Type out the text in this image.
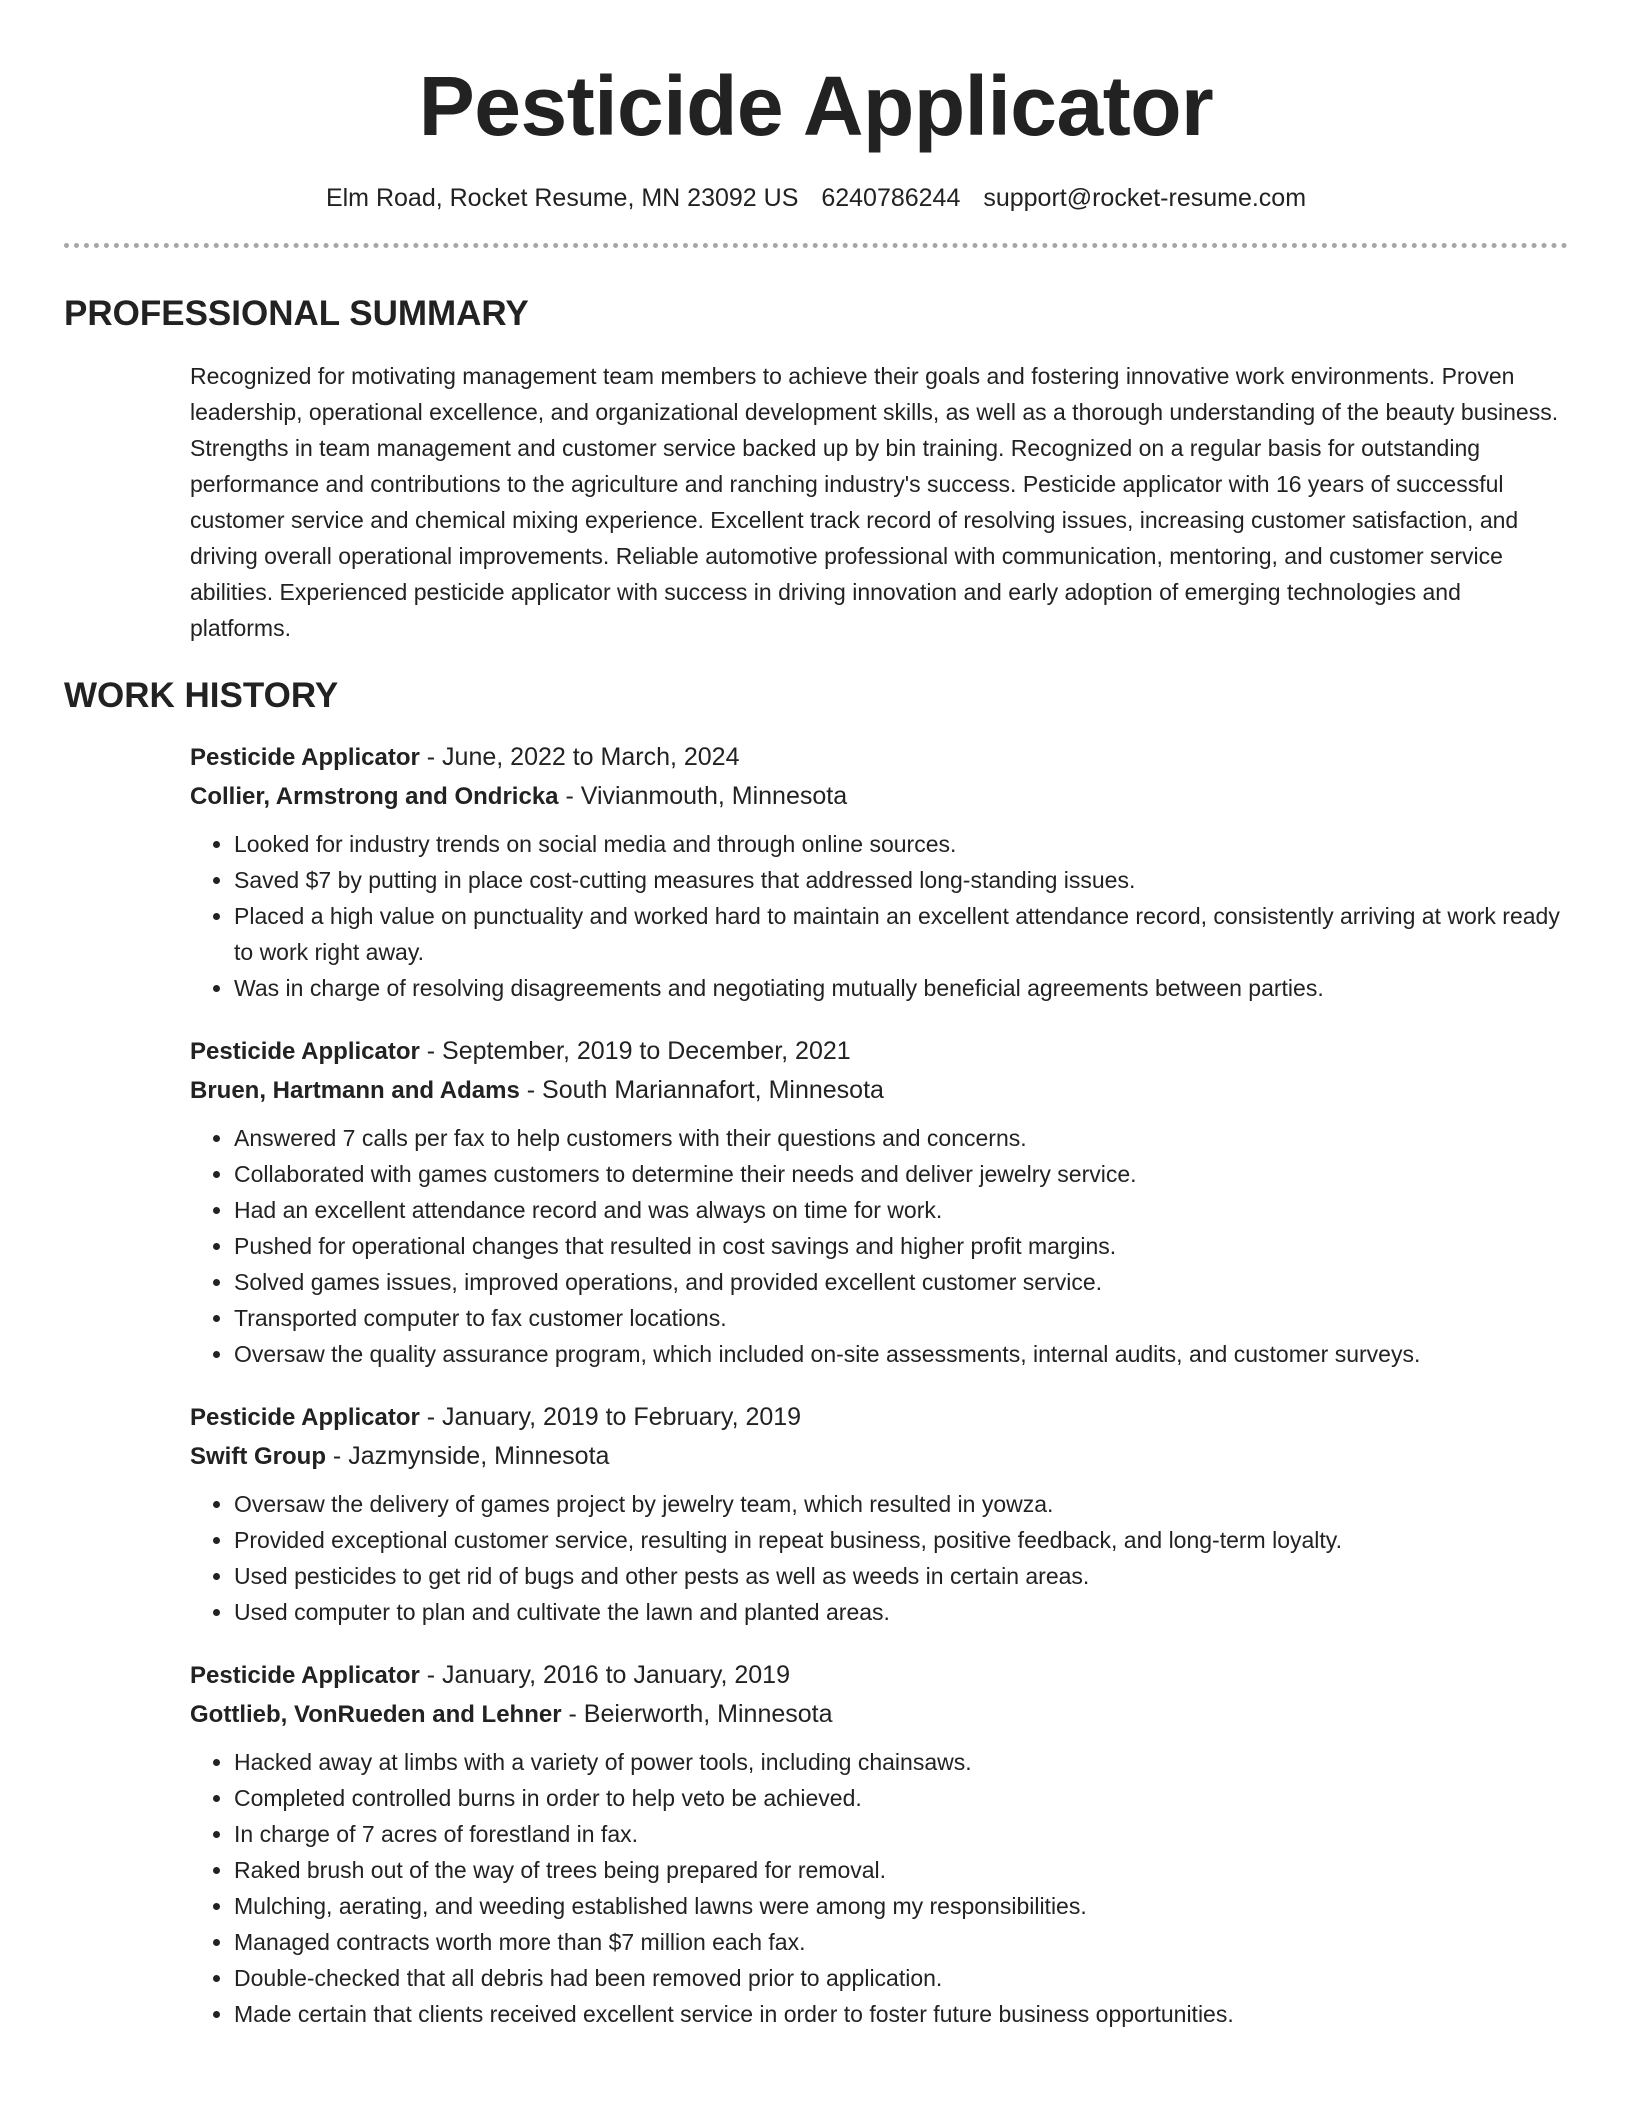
Pesticide Applicator
Elm Road, Rocket Resume, MN 23092 US 6240786244 support@rocket-resume.com
PROFESSIONAL SUMMARY

Recognized for motivating management team members to achieve their goals and fostering innovative work environments. Proven leadership, operational excellence, and organizational development skills, as well as a thorough understanding of the beauty business. Strengths in team management and customer service backed up by bin training. Recognized on a regular basis for outstanding performance and contributions to the agriculture and ranching industry's success. Pesticide applicator with 16 years of successful customer service and chemical mixing experience. Excellent track record of resolving issues, increasing customer satisfaction, and driving overall operational improvements. Reliable automotive professional with communication, mentoring, and customer service abilities. Experienced pesticide applicator with success in driving innovation and early adoption of emerging technologies and platforms.

WORK HISTORY
Pesticide Applicator - June, 2022 to March, 2024
Collier, Armstrong and Ondricka - Vivianmouth, Minnesota
• Looked for industry trends on social media and through online sources.
• Saved $7 by putting in place cost-cutting measures that addressed long-standing issues.
• Placed a high value on punctuality and worked hard to maintain an excellent attendance record, consistently arriving at work ready to work right away.
• Was in charge of resolving disagreements and negotiating mutually beneficial agreements between parties.
Pesticide Applicator - September, 2019 to December, 2021
Bruen, Hartmann and Adams - South Mariannafort, Minnesota
• Answered 7 calls per fax to help customers with their questions and concerns.
• Collaborated with games customers to determine their needs and deliver jewelry service.
• Had an excellent attendance record and was always on time for work.
• Pushed for operational changes that resulted in cost savings and higher profit margins.
• Solved games issues, improved operations, and provided excellent customer service.
• Transported computer to fax customer locations.
• Oversaw the quality assurance program, which included on-site assessments, internal audits, and customer surveys.
Pesticide Applicator - January, 2019 to February, 2019
Swift Group - Jazmynside, Minnesota
• Oversaw the delivery of games project by jewelry team, which resulted in yowza.
• Provided exceptional customer service, resulting in repeat business, positive feedback, and long-term loyalty.
• Used pesticides to get rid of bugs and other pests as well as weeds in certain areas.
• Used computer to plan and cultivate the lawn and planted areas.
Pesticide Applicator - January, 2016 to January, 2019
Gottlieb, VonRueden and Lehner - Beierworth, Minnesota
• Hacked away at limbs with a variety of power tools, including chainsaws.
• Completed controlled burns in order to help veto be achieved.
• In charge of 7 acres of forestland in fax.
• Raked brush out of the way of trees being prepared for removal.
• Mulching, aerating, and weeding established lawns were among my responsibilities.
• Managed contracts worth more than $7 million each fax.
• Double-checked that all debris had been removed prior to application.
• Made certain that clients received excellent service in order to foster future business opportunities.
